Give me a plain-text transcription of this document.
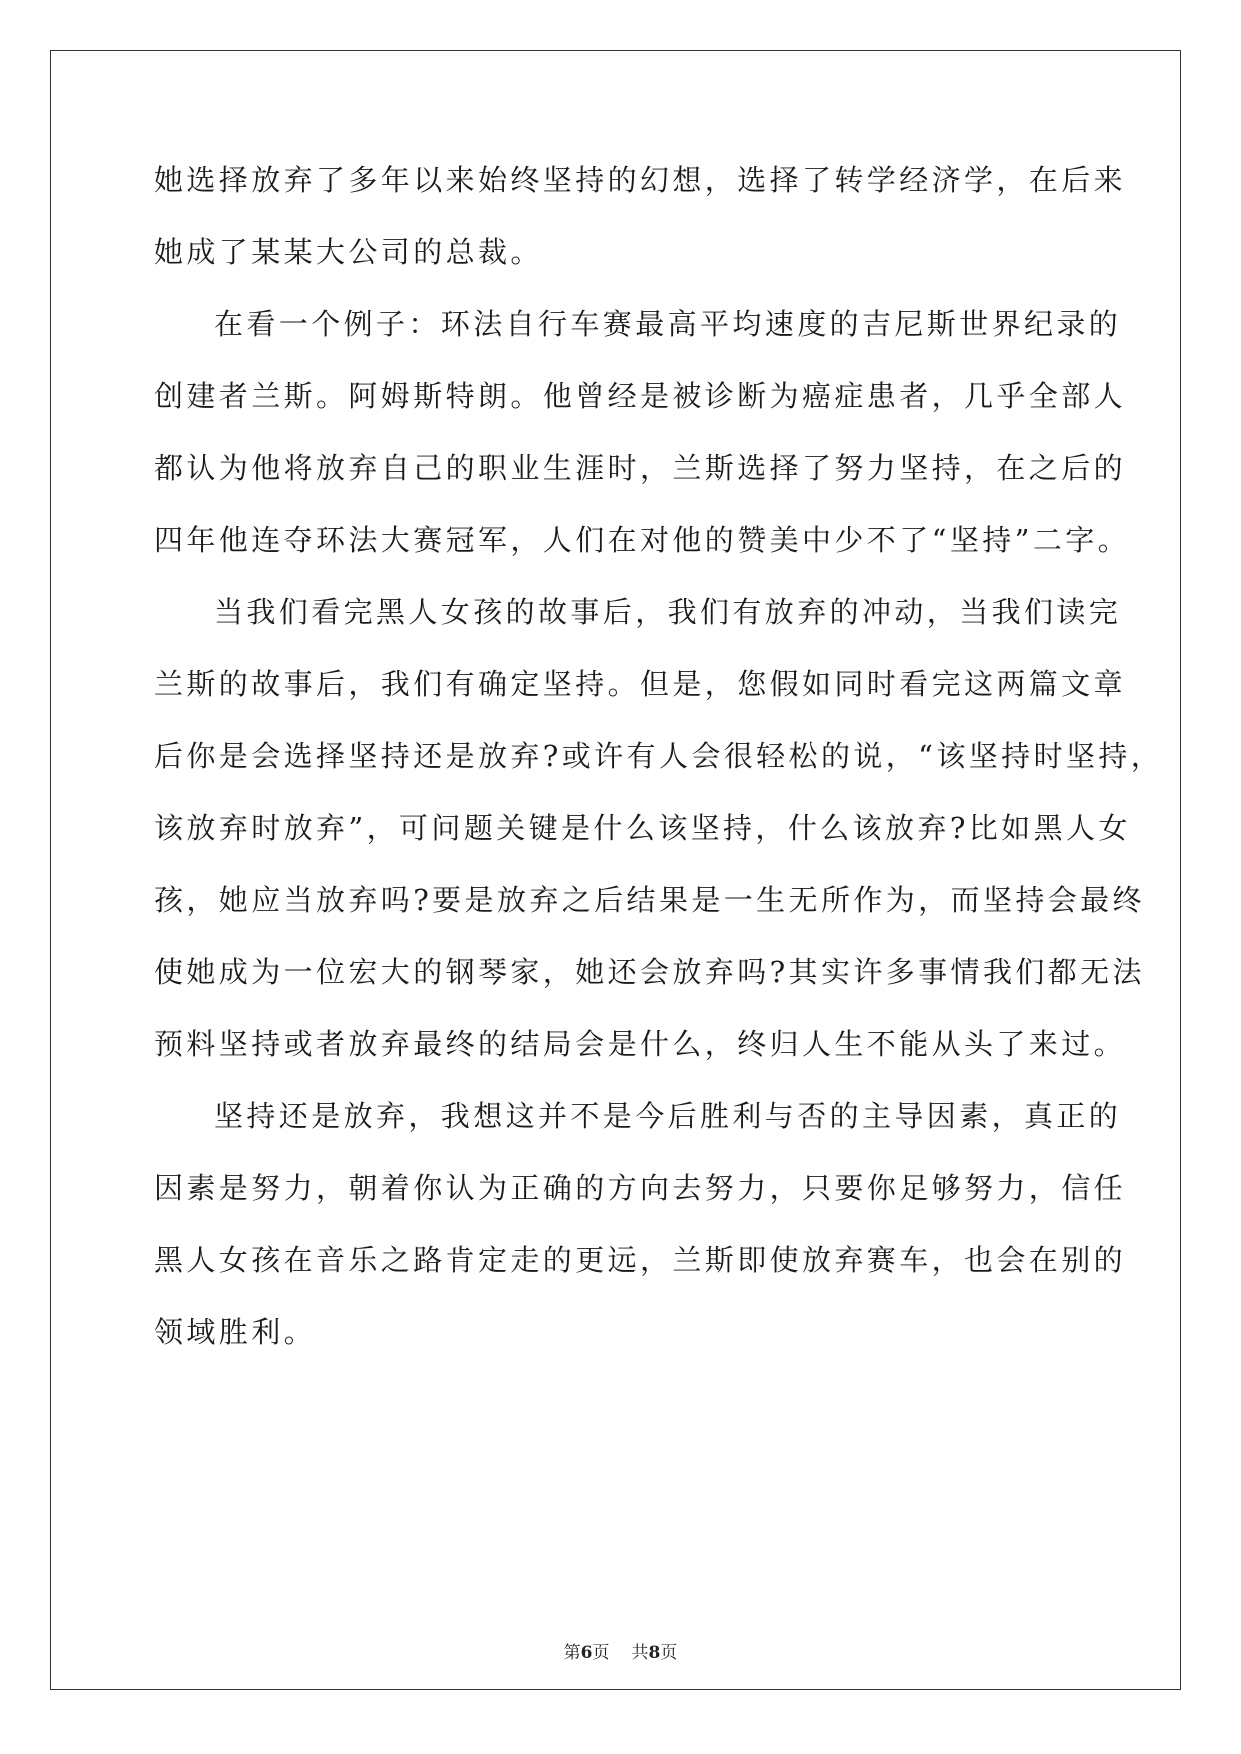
她选择放弃了多年以来始终坚持的幻想，选择了转学经济学，在后来
她成了某某大公司的总裁。
在看一个例子：环法自行车赛最高平均速度的吉尼斯世界纪录的
创建者兰斯。阿姆斯特朗。他曾经是被诊断为癌症患者，几乎全部人
都认为他将放弃自己的职业生涯时，兰斯选择了努力坚持，在之后的
四年他连夺环法大赛冠军，人们在对他的赞美中少不了“坚持”二字。
当我们看完黑人女孩的故事后，我们有放弃的冲动，当我们读完
兰斯的故事后，我们有确定坚持。但是，您假如同时看完这两篇文章
后你是会选择坚持还是放弃?或许有人会很轻松的说，“该坚持时坚持，
该放弃时放弃”，可问题关键是什么该坚持，什么该放弃?比如黑人女
孩，她应当放弃吗?要是放弃之后结果是一生无所作为，而坚持会最终
使她成为一位宏大的钢琴家，她还会放弃吗?其实许多事情我们都无法
预料坚持或者放弃最终的结局会是什么，终归人生不能从头了来过。
坚持还是放弃，我想这并不是今后胜利与否的主导因素，真正的
因素是努力，朝着你认为正确的方向去努力，只要你足够努力，信任
黑人女孩在音乐之路肯定走的更远，兰斯即使放弃赛车，也会在别的
领域胜利。
第6页 共8页
